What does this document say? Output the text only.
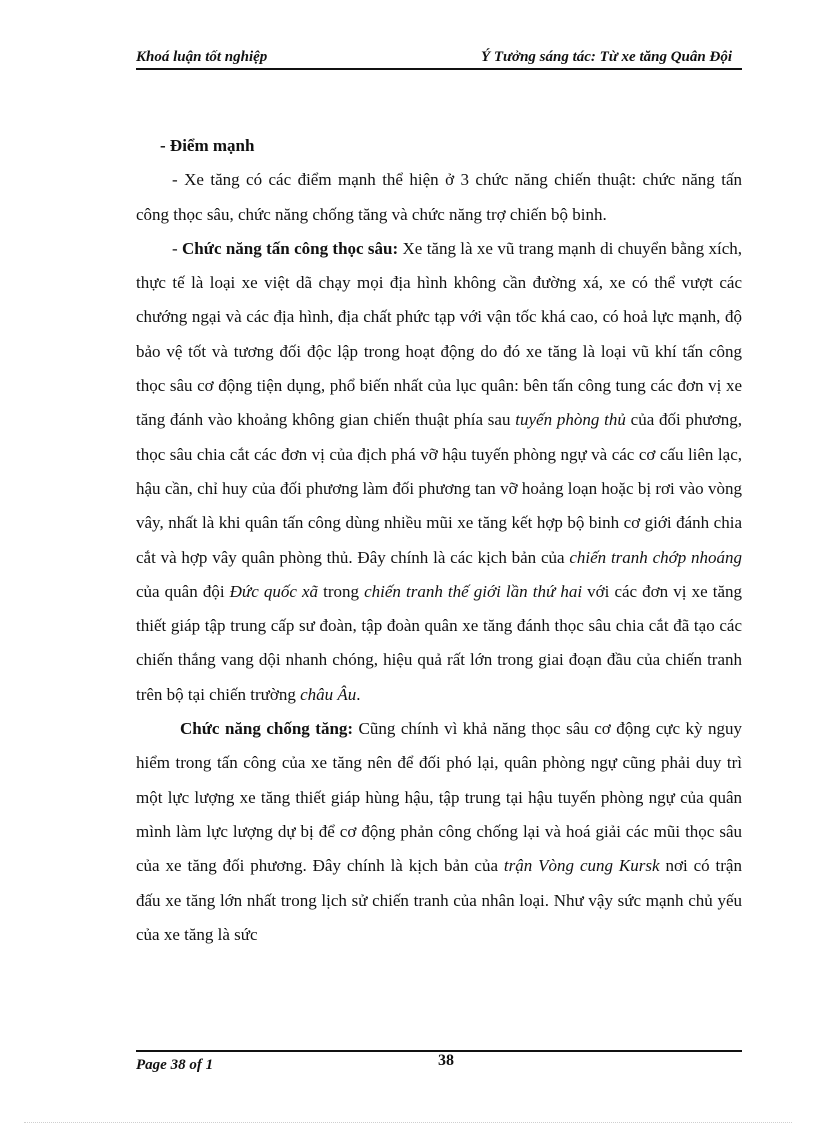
Khoá luận tốt nghiệp	Ý Tưởng sáng tác: Từ xe tăng Quân Đội

- Điểm mạnh

- Xe tăng có các điểm mạnh thể hiện ở 3 chức năng chiến thuật: chức năng tấn công thọc sâu, chức năng chống tăng và chức năng trợ chiến bộ binh.

- Chức năng tấn công thọc sâu: Xe tăng là xe vũ trang mạnh di chuyển bằng xích, thực tế là loại xe việt dã chạy mọi địa hình không cần đường xá, xe có thể vượt các chướng ngại và các địa hình, địa chất phức tạp với vận tốc khá cao, có hoả lực mạnh, độ bảo vệ tốt và tương đối độc lập trong hoạt động do đó xe tăng là loại vũ khí tấn công thọc sâu cơ động tiện dụng, phổ biến nhất của lục quân: bên tấn công tung các đơn vị xe tăng đánh vào khoảng không gian chiến thuật phía sau tuyến phòng thủ của đối phương, thọc sâu chia cắt các đơn vị của địch phá vỡ hậu tuyến phòng ngự và các cơ cấu liên lạc, hậu cần, chỉ huy của đối phương làm đối phương tan vỡ hoảng loạn hoặc bị rơi vào vòng vây, nhất là khi quân tấn công dùng nhiều mũi xe tăng kết hợp bộ binh cơ giới đánh chia cắt và hợp vây quân phòng thủ. Đây chính là các kịch bản của chiến tranh chớp nhoáng của quân đội Đức quốc xã trong chiến tranh thế giới lần thứ hai với các đơn vị xe tăng thiết giáp tập trung cấp sư đoàn, tập đoàn quân xe tăng đánh thọc sâu chia cắt đã tạo các chiến thắng vang dội nhanh chóng, hiệu quả rất lớn trong giai đoạn đầu của chiến tranh trên bộ tại chiến trường châu Âu.

Chức năng chống tăng: Cũng chính vì khả năng thọc sâu cơ động cực kỳ nguy hiểm trong tấn công của xe tăng nên để đối phó lại, quân phòng ngự cũng phải duy trì một lực lượng xe tăng thiết giáp hùng hậu, tập trung tại hậu tuyến phòng ngự của quân mình làm lực lượng dự bị để cơ động phản công chống lại và hoá giải các mũi thọc sâu của xe tăng đối phương. Đây chính là kịch bản của trận Vòng cung Kursk nơi có trận đấu xe tăng lớn nhất trong lịch sử chiến tranh của nhân loại. Như vậy sức mạnh chủ yếu của xe tăng là sức

Page 38 of 1	38
